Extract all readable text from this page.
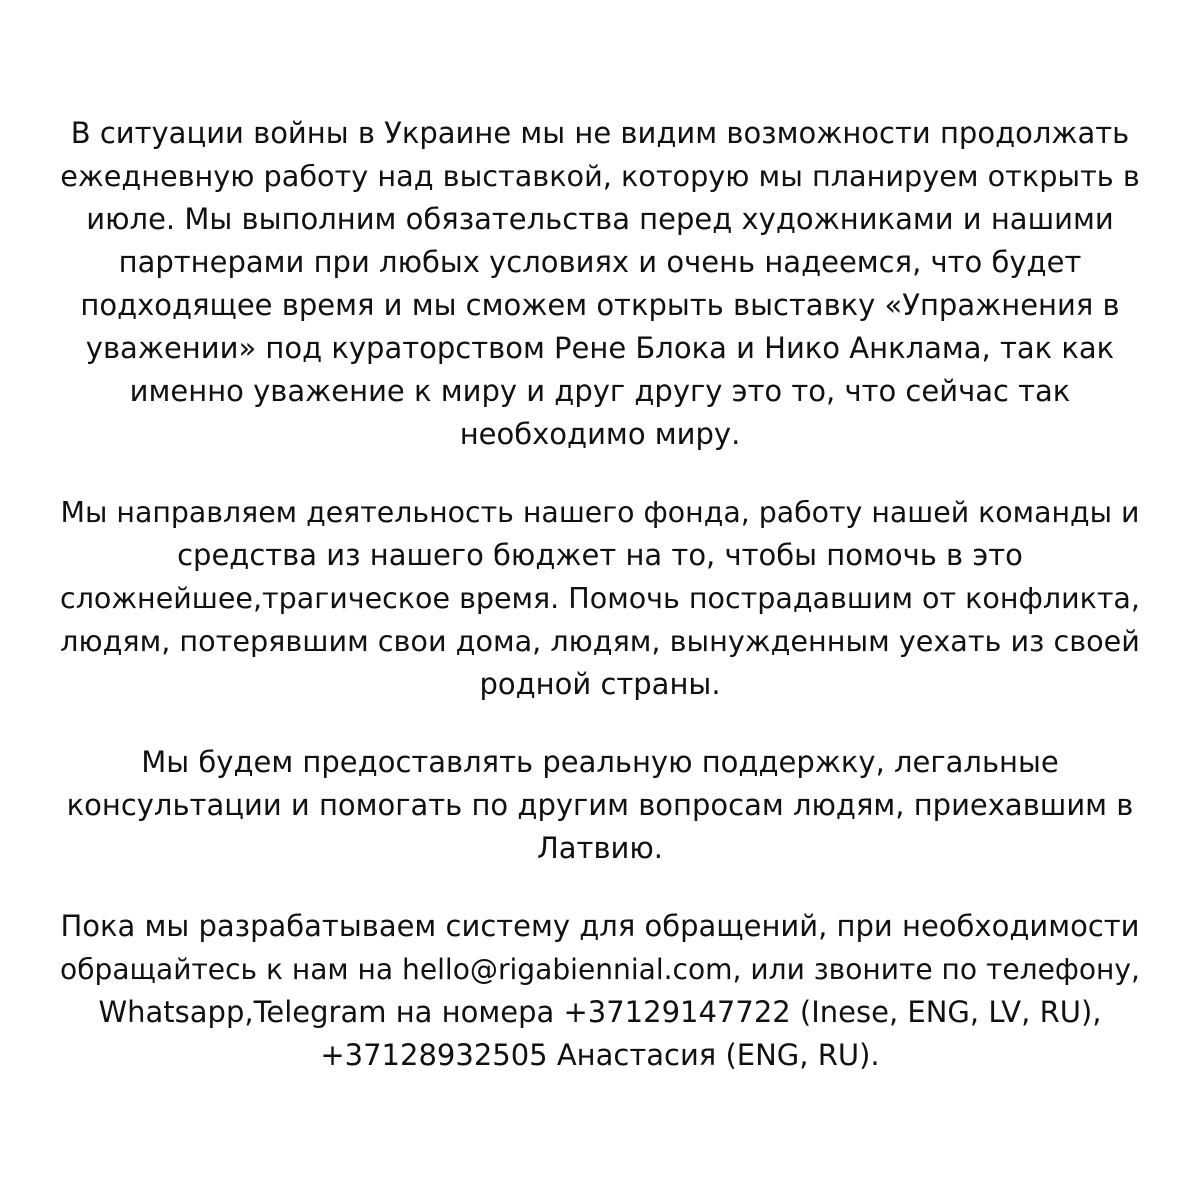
В ситуации войны в Украине мы не видим возможности продолжать
ежедневную работу над выставкой, которую мы планируем открыть в
июле. Мы выполним обязательства перед художниками и нашими
партнерами при любых условиях и очень надеемся, что будет
подходящее время и мы сможем открыть выставку «Упражнения в
уважении» под кураторством Рене Блока и Нико Анклама, так как
именно уважение к миру и друг другу это то, что сейчас так
необходимо миру.

Мы направляем деятельность нашего фонда, работу нашей команды и
средства из нашего бюджет на то, чтобы помочь в это
сложнейшее,трагическое время. Помочь пострадавшим от конфликта,
людям, потерявшим свои дома, людям, вынужденным уехать из своей
родной страны.

Мы будем предоставлять реальную поддержку, легальные
консультации и помогать по другим вопросам людям, приехавшим в
Латвию.

Пока мы разрабатываем систему для обращений, при необходимости
обращайтесь к нам на hello@rigabiennial.com, или звоните по телефону,
Whatsapp,Telegram на номера +37129147722 (Inese, ENG, LV, RU),
+37128932505 Анастасия (ENG, RU).
